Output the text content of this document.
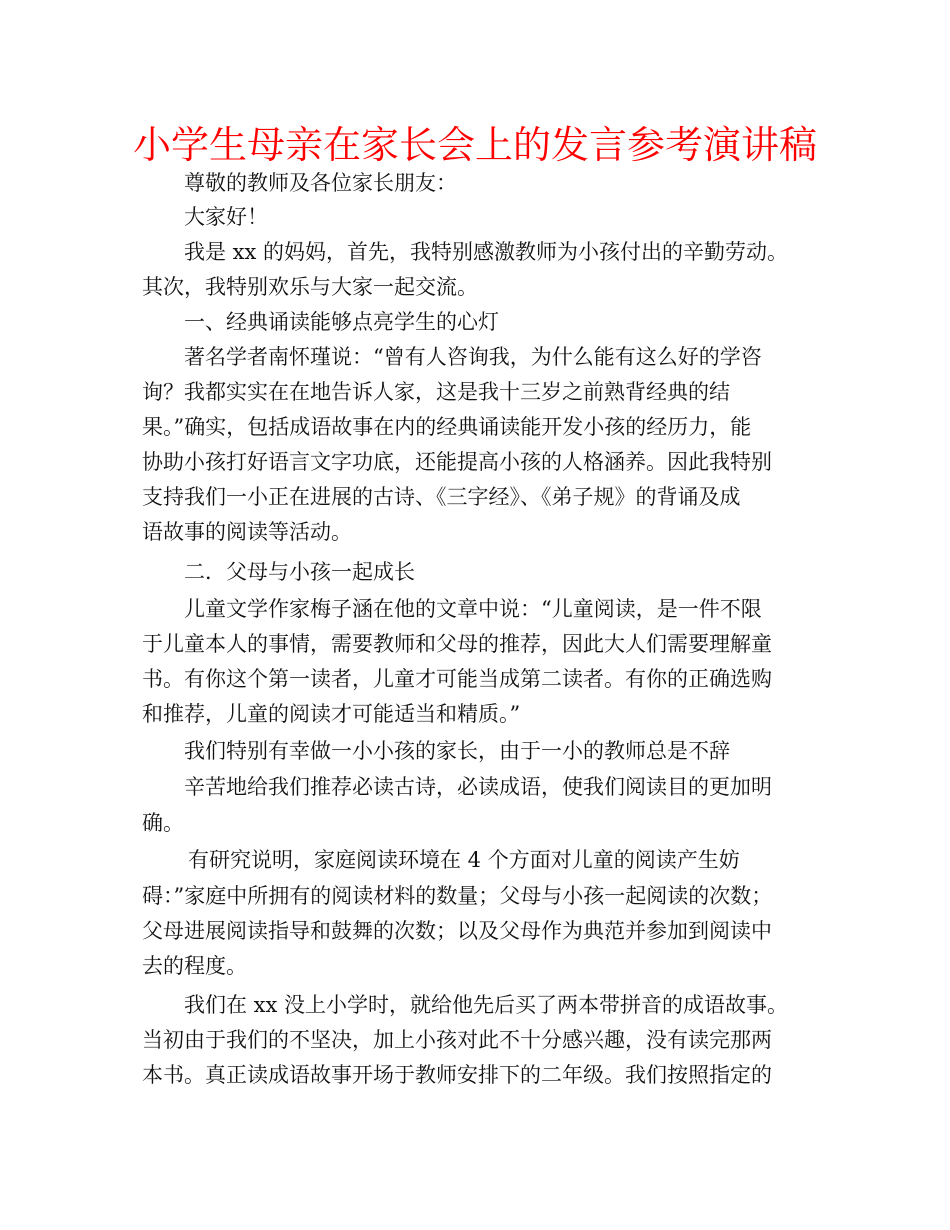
小学生母亲在家长会上的发言参考演讲稿

尊敬的教师及各位家长朋友：

大家好！

我是 xx 的妈妈，首先，我特别感激教师为小孩付出的辛勤劳动。

其次，我特别欢乐与大家一起交流。

一、经典诵读能够点亮学生的心灯

著名学者南怀瑾说：“曾有人咨询我，为什么能有这么好的学咨

询？我都实实在在地告诉人家，这是我十三岁之前熟背经典的结

果。”确实，包括成语故事在内的经典诵读能开发小孩的经历力，能

协助小孩打好语言文字功底，还能提高小孩的人格涵养。因此我特别

支持我们一小正在进展的古诗、《三字经》、《弟子规》的背诵及成

语故事的阅读等活动。

二．父母与小孩一起成长

儿童文学作家梅子涵在他的文章中说：“儿童阅读，是一件不限

于儿童本人的事情，需要教师和父母的推荐，因此大人们需要理解童

书。有你这个第一读者，儿童才可能当成第二读者。有你的正确选购

和推荐，儿童的阅读才可能适当和精质。”

我们特别有幸做一小小孩的家长，由于一小的教师总是不辞

辛苦地给我们推荐必读古诗，必读成语，使我们阅读目的更加明

确。

有研究说明，家庭阅读环境在 4 个方面对儿童的阅读产生妨

碍：”家庭中所拥有的阅读材料的数量；父母与小孩一起阅读的次数；

父母进展阅读指导和鼓舞的次数；以及父母作为典范并参加到阅读中

去的程度。

我们在 xx 没上小学时，就给他先后买了两本带拼音的成语故事。

当初由于我们的不坚决，加上小孩对此不十分感兴趣，没有读完那两

本书。真正读成语故事开场于教师安排下的二年级。我们按照指定的
